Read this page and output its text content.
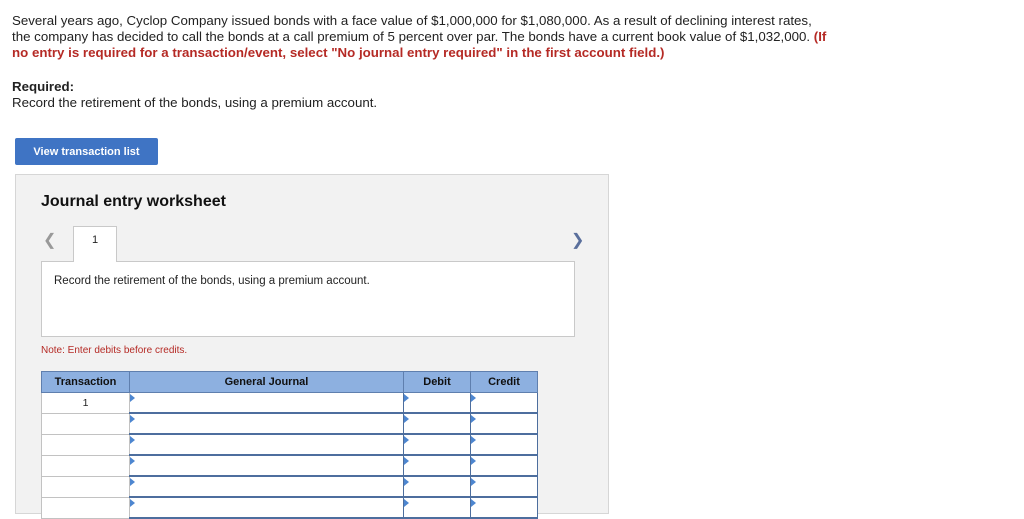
Several years ago, Cyclop Company issued bonds with a face value of $1,000,000 for $1,080,000. As a result of declining interest rates, the company has decided to call the bonds at a call premium of 5 percent over par. The bonds have a current book value of $1,032,000. (If no entry is required for a transaction/event, select "No journal entry required" in the first account field.)
Required:
Record the retirement of the bonds, using a premium account.
View transaction list
Journal entry worksheet
❮	❯
1
Record the retirement of the bonds, using a premium account.
Note: Enter debits before credits.
Transaction	General Journal	Debit	Credit
1	
